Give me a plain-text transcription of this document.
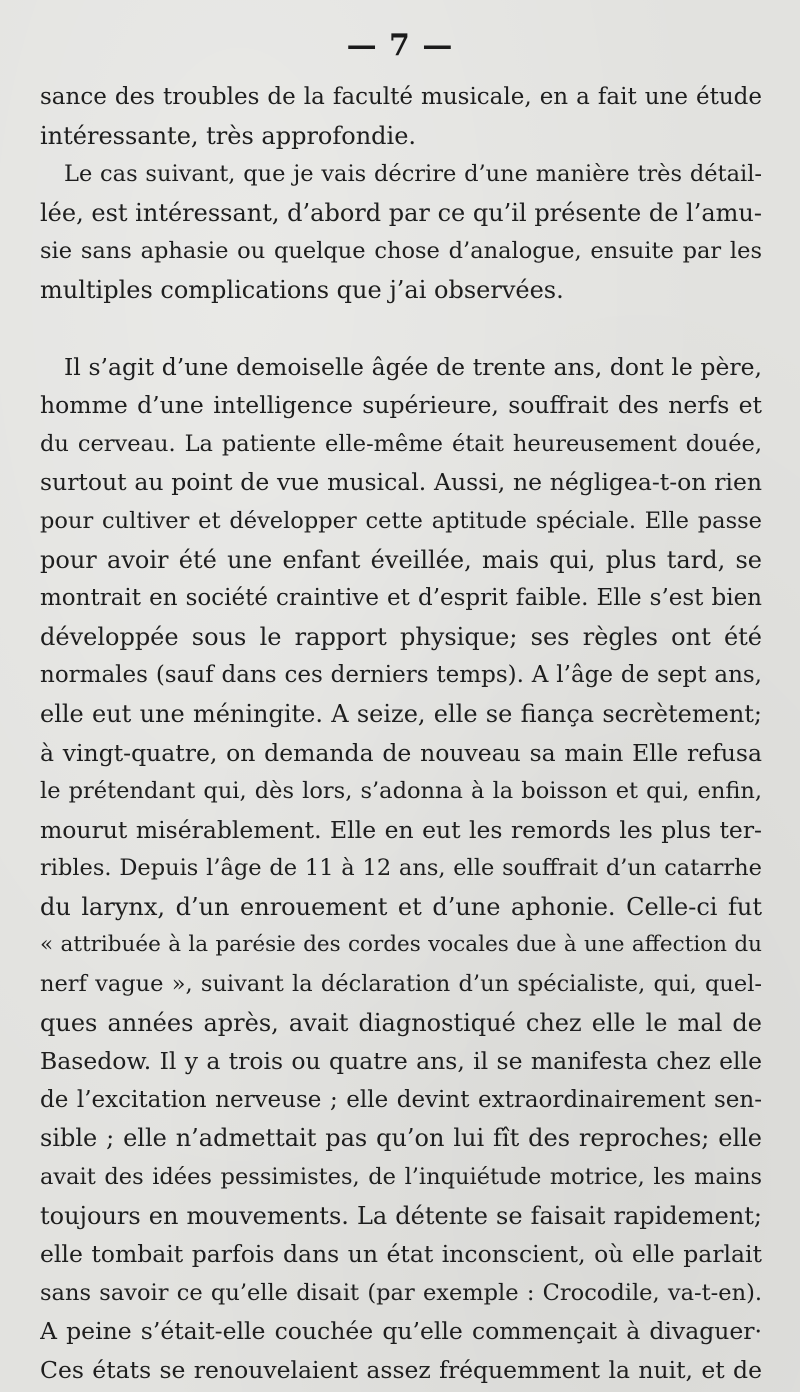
— 7 —
sance des troubles de la faculté musicale, en a fait une étude
intéressante, très approfondie.
Le cas suivant, que je vais décrire d’une manière très détail-
lée, est intéressant, d’abord par ce qu’il présente de l’amu-
sie sans aphasie ou quelque chose d’analogue, ensuite par les
multiples complications que j’ai observées.
Il s’agit d’une demoiselle âgée de trente ans, dont le père,
homme d’une intelligence supérieure, souffrait des nerfs et
du cerveau. La patiente elle-même était heureusement douée,
surtout au point de vue musical. Aussi, ne négligea-t-on rien
pour cultiver et développer cette aptitude spéciale. Elle passe
pour avoir été une enfant éveillée, mais qui, plus tard, se
montrait en société craintive et d’esprit faible. Elle s’est bien
développée sous le rapport physique; ses règles ont été
normales (sauf dans ces derniers temps). A l’âge de sept ans,
elle eut une méningite. A seize, elle se fiança secrètement;
à vingt-quatre, on demanda de nouveau sa main Elle refusa
le prétendant qui, dès lors, s’adonna à la boisson et qui, enfin,
mourut misérablement. Elle en eut les remords les plus ter-
ribles. Depuis l’âge de 11 à 12 ans, elle souffrait d’un catarrhe
du larynx, d’un enrouement et d’une aphonie. Celle-ci fut
« attribuée à la parésie des cordes vocales due à une affection du
nerf vague », suivant la déclaration d’un spécialiste, qui, quel-
ques années après, avait diagnostiqué chez elle le mal de
Basedow. Il y a trois ou quatre ans, il se manifesta chez elle
de l’excitation nerveuse ; elle devint extraordinairement sen-
sible ; elle n’admettait pas qu’on lui fît des reproches; elle
avait des idées pessimistes, de l’inquiétude motrice, les mains
toujours en mouvements. La détente se faisait rapidement;
elle tombait parfois dans un état inconscient, où elle parlait
sans savoir ce qu’elle disait (par exemple : Crocodile, va-t-en).
A peine s’était-elle couchée qu’elle commençait à divaguer·
Ces états se renouvelaient assez fréquemment la nuit, et de
